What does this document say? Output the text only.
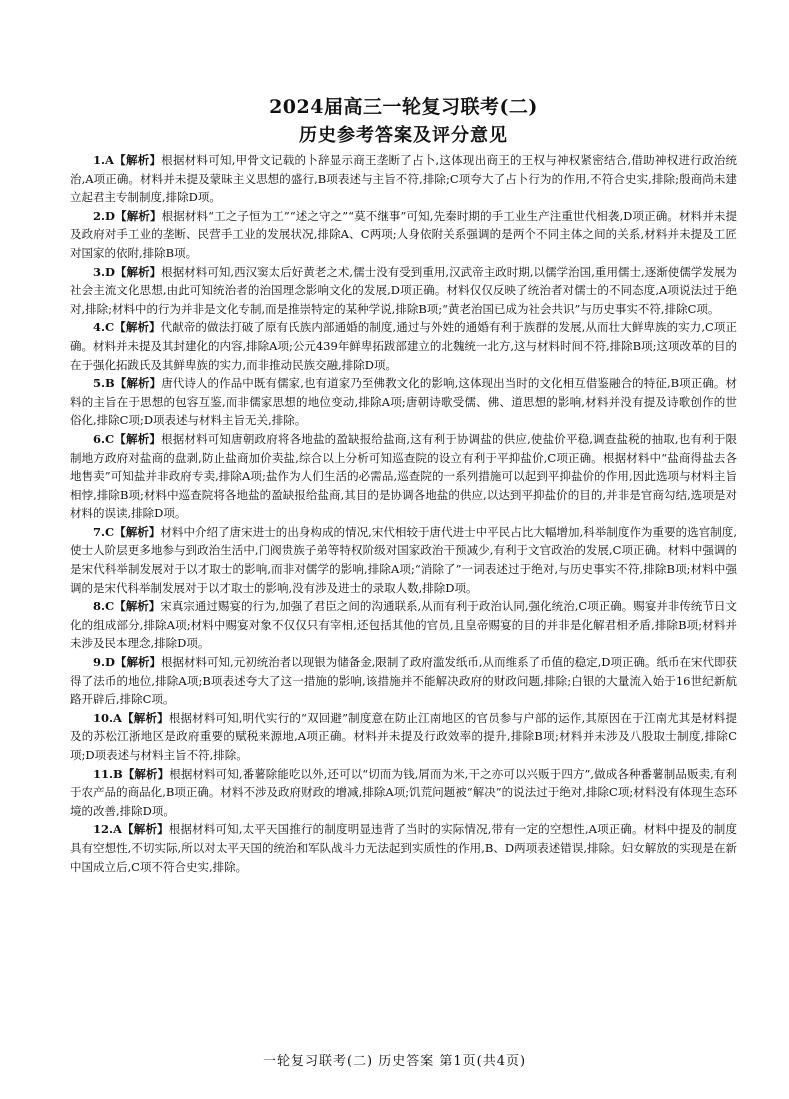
2024届高三一轮复习联考(二)
历史参考答案及评分意见

1.A【解析】根据材料可知,甲骨文记载的卜辞显示商王垄断了占卜,这体现出商王的王权与神权紧密结合,借助神权进行政治统治,A项正确。材料并未提及蒙昧主义思想的盛行,B项表述与主旨不符,排除;C项夸大了占卜行为的作用,不符合史实,排除;殷商尚未建立起君主专制制度,排除D项。

2.D【解析】根据材料“工之子恒为工”“述之守之”“莫不继事”可知,先秦时期的手工业生产注重世代相袭,D项正确。材料并未提及政府对手工业的垄断、民营手工业的发展状况,排除A、C两项;人身依附关系强调的是两个不同主体之间的关系,材料并未提及工匠对国家的依附,排除B项。

3.D【解析】根据材料可知,西汉窦太后好黄老之术,儒士没有受到重用,汉武帝主政时期,以儒学治国,重用儒士,逐渐使儒学发展为社会主流文化思想,由此可知统治者的治国理念影响文化的发展,D项正确。材料仅仅反映了统治者对儒士的不同态度,A项说法过于绝对,排除;材料中的行为并非是文化专制,而是推崇特定的某种学说,排除B项;“黄老治国已成为社会共识”与历史事实不符,排除C项。

4.C【解析】代献帝的做法打破了原有氏族内部通婚的制度,通过与外姓的通婚有利于族群的发展,从而壮大鲜卑族的实力,C项正确。材料并未提及其封建化的内容,排除A项;公元439年鲜卑拓跋部建立的北魏统一北方,这与材料时间不符,排除B项;这项改革的目的在于强化拓跋氏及其鲜卑族的实力,而非推动民族交融,排除D项。

5.B【解析】唐代诗人的作品中既有儒家,也有道家乃至佛教文化的影响,这体现出当时的文化相互借鉴融合的特征,B项正确。材料的主旨在于思想的包容互鉴,而非儒家思想的地位变动,排除A项;唐朝诗歌受儒、佛、道思想的影响,材料并没有提及诗歌创作的世俗化,排除C项;D项表述与材料主旨无关,排除。

6.C【解析】根据材料可知唐朝政府将各地盐的盈缺报给盐商,这有利于协调盐的供应,使盐价平稳,调查盐税的抽取,也有利于限制地方政府对盐商的盘剥,防止盐商加价卖盐,综合以上分析可知巡查院的设立有利于平抑盐价,C项正确。根据材料中“盐商得盐去各地售卖”可知盐并非政府专卖,排除A项;盐作为人们生活的必需品,巡查院的一系列措施可以起到平抑盐价的作用,因此选项与材料主旨相悖,排除B项;材料中巡查院将各地盐的盈缺报给盐商,其目的是协调各地盐的供应,以达到平抑盐价的目的,并非是官商勾结,选项是对材料的误读,排除D项。

7.C【解析】材料中介绍了唐宋进士的出身构成的情况,宋代相较于唐代进士中平民占比大幅增加,科举制度作为重要的选官制度,使士人阶层更多地参与到政治生活中,门阀贵族子弟等特权阶级对国家政治干预减少,有利于文官政治的发展,C项正确。材料中强调的是宋代科举制发展对于以才取士的影响,而非对儒学的影响,排除A项;“消除了”一词表述过于绝对,与历史事实不符,排除B项;材料中强调的是宋代科举制发展对于以才取士的影响,没有涉及进士的录取人数,排除D项。

8.C【解析】宋真宗通过赐宴的行为,加强了君臣之间的沟通联系,从而有利于政治认同,强化统治,C项正确。赐宴并非传统节日文化的组成部分,排除A项;材料中赐宴对象不仅仅只有宰相,还包括其他的官员,且皇帝赐宴的目的并非是化解君相矛盾,排除B项;材料并未涉及民本理念,排除D项。

9.D【解析】根据材料可知,元初统治者以现银为储备金,限制了政府滥发纸币,从而维系了币值的稳定,D项正确。纸币在宋代即获得了法币的地位,排除A项;B项表述夸大了这一措施的影响,该措施并不能解决政府的财政问题,排除;白银的大量流入始于16世纪新航路开辟后,排除C项。

10.A【解析】根据材料可知,明代实行的“双回避”制度意在防止江南地区的官员参与户部的运作,其原因在于江南尤其是材料提及的苏松江浙地区是政府重要的赋税来源地,A项正确。材料并未提及行政效率的提升,排除B项;材料并未涉及八股取士制度,排除C项;D项表述与材料主旨不符,排除。

11.B【解析】根据材料可知,番薯除能吃以外,还可以“切而为钱,屑而为米,干之亦可以兴贩于四方”,做成各种番薯制品贩卖,有利于农产品的商品化,B项正确。材料不涉及政府财政的增减,排除A项;饥荒问题被“解决”的说法过于绝对,排除C项;材料没有体现生态环境的改善,排除D项。

12.A【解析】根据材料可知,太平天国推行的制度明显违背了当时的实际情况,带有一定的空想性,A项正确。材料中提及的制度具有空想性,不切实际,所以对太平天国的统治和军队战斗力无法起到实质性的作用,B、D两项表述错误,排除。妇女解放的实现是在新中国成立后,C项不符合史实,排除。

一轮复习联考(二) 历史答案 第1页(共4页)
